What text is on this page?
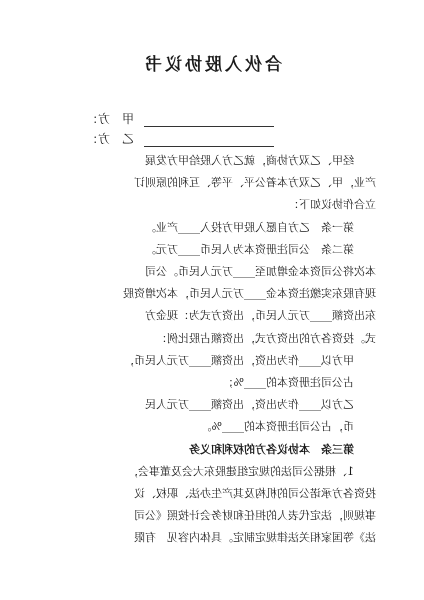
合伙入股协议书
甲　方：
乙　方：

经甲、乙双方协商，就乙方入股给甲方发展

产业，甲、乙双方本着公平、平等、互利的原则订

立合作协议如下：

第一条　乙方自愿入股甲方投入____产业。

第二条　公司注册资本为人民币____万元。

本次将公司资本金增加至____万元人民币。公司

现有股东实缴注资本金____万元人民币，本次增资股

东出资额____万元人民币，出资方式为：现金方

式。投资各方的出资方式，出资额占股比例：

甲方以____作为出资，出资额____万元人民币，

占公司注册资本的____%；

乙方以____作为出资，出资额____万元人民

币，占公司注册资本的____%。

第三条　本协议各方的权利和义务

1、根据公司法的规定组建股东大会及董事会，

投资各方承诺公司的机构及其产生办法、职权、议

事规则，法定代表人的担任和财务会计按照《公司

法》等国家相关法律规定制定。具体内容见　有限
